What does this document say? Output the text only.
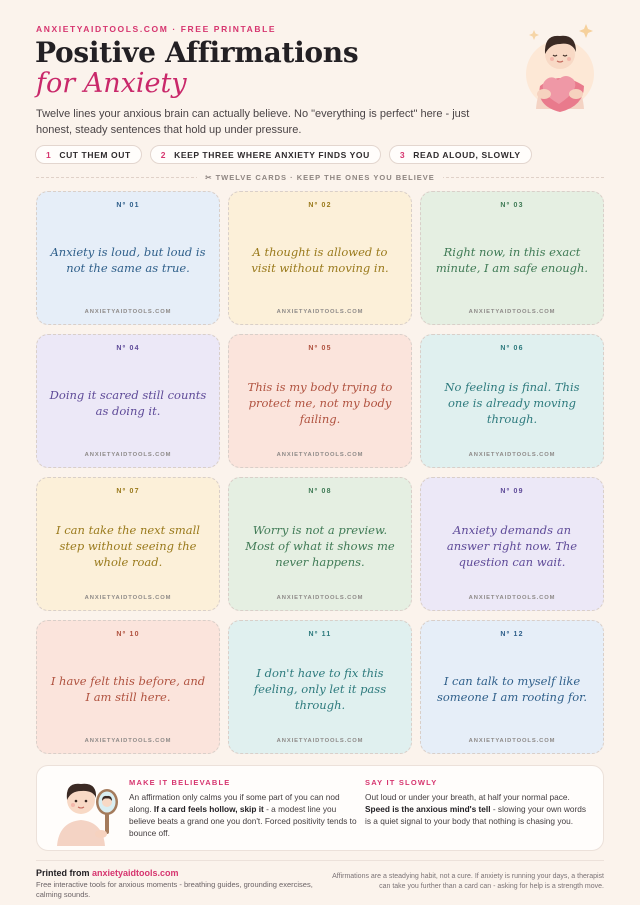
ANXIETYAIDTOOLS.COM · FREE PRINTABLE
Positive Affirmations
for Anxiety
Twelve lines your anxious brain can actually believe. No "everything is perfect" here - just honest, steady sentences that hold up under pressure.
1 CUT THEM OUT	2 KEEP THREE WHERE ANXIETY FINDS YOU	3 READ ALOUD, SLOWLY
✂ TWELVE CARDS · KEEP THE ONES YOU BELIEVE
Nº 01
Anxiety is loud, but loud is not the same as true.
ANXIETYAIDTOOLS.COM
Nº 02
A thought is allowed to visit without moving in.
ANXIETYAIDTOOLS.COM
Nº 03
Right now, in this exact minute, I am safe enough.
ANXIETYAIDTOOLS.COM
Nº 04
Doing it scared still counts as doing it.
ANXIETYAIDTOOLS.COM
Nº 05
This is my body trying to protect me, not my body failing.
ANXIETYAIDTOOLS.COM
Nº 06
No feeling is final. This one is already moving through.
ANXIETYAIDTOOLS.COM
Nº 07
I can take the next small step without seeing the whole road.
ANXIETYAIDTOOLS.COM
Nº 08
Worry is not a preview. Most of what it shows me never happens.
ANXIETYAIDTOOLS.COM
Nº 09
Anxiety demands an answer right now. The question can wait.
ANXIETYAIDTOOLS.COM
Nº 10
I have felt this before, and I am still here.
ANXIETYAIDTOOLS.COM
Nº 11
I don't have to fix this feeling, only let it pass through.
ANXIETYAIDTOOLS.COM
Nº 12
I can talk to myself like someone I am rooting for.
ANXIETYAIDTOOLS.COM
MAKE IT BELIEVABLE
An affirmation only calms you if some part of you can nod along. If a card feels hollow, skip it - a modest line you believe beats a grand one you don't. Forced positivity tends to bounce off.
SAY IT SLOWLY
Out loud or under your breath, at half your normal pace. Speed is the anxious mind's tell - slowing your own words is a quiet signal to your body that nothing is chasing you.
Printed from anxietyaidtools.com
Free interactive tools for anxious moments - breathing guides, grounding exercises, calming sounds.
Affirmations are a steadying habit, not a cure. If anxiety is running your days, a therapist can take you further than a card can - asking for help is a strength move.
